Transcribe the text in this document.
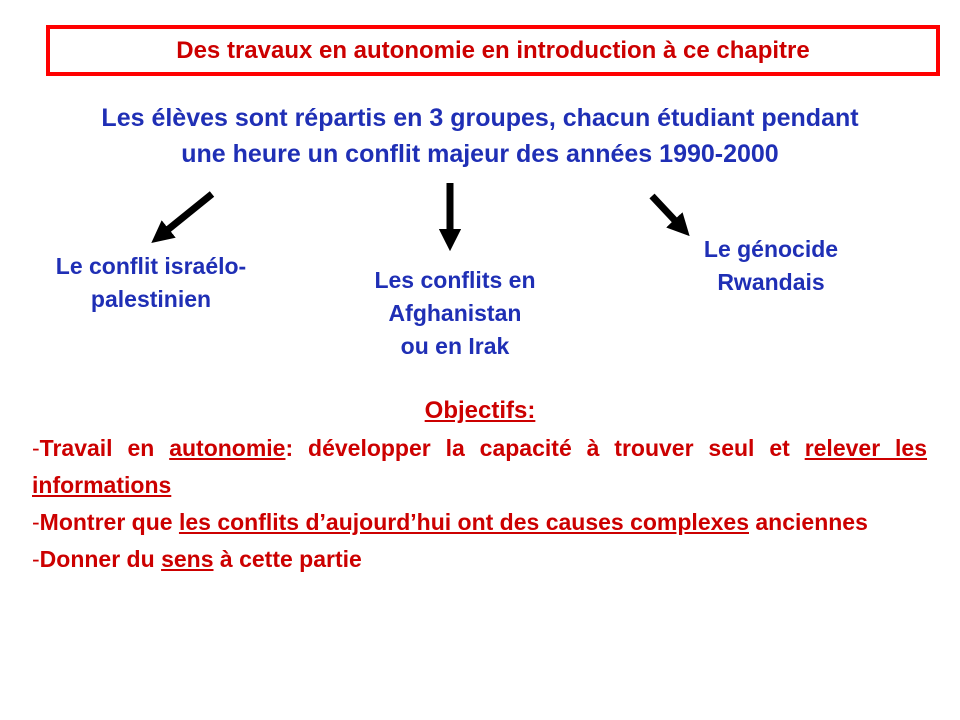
Des travaux en autonomie en introduction à ce chapitre
Les élèves sont répartis en 3 groupes, chacun étudiant pendant
une heure un conflit majeur des années 1990-2000
Le conflit israélo-
palestinien
Les conflits en
Afghanistan
ou en Irak
Le génocide
Rwandais
Objectifs:

-Travail en autonomie: développer la capacité à trouver seul et relever les informations

-Montrer que les conflits d’aujourd’hui ont des causes complexes anciennes

-Donner du sens à cette partie
